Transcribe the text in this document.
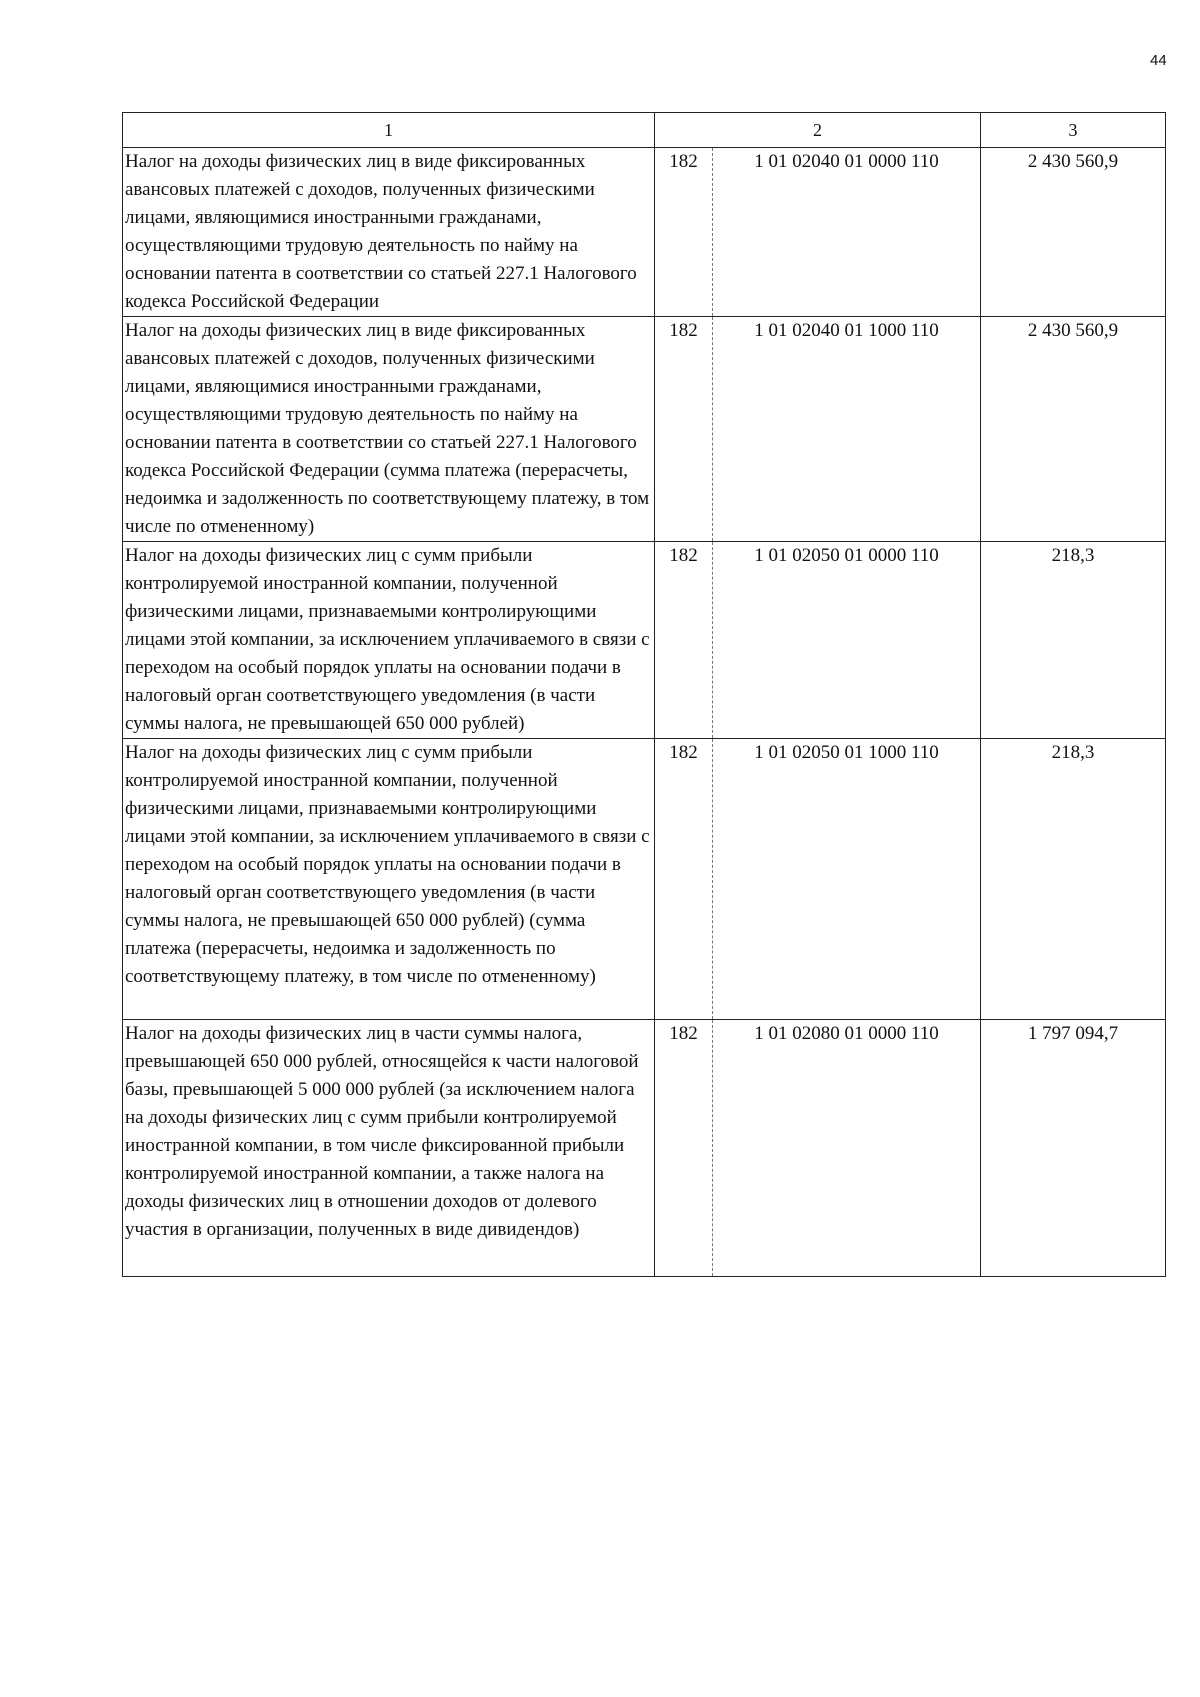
44
1	2		3
Налог на доходы физических лиц в виде фиксированных авансовых платежей с доходов, полученных физическими лицами, являющимися иностранными гражданами, осуществляющими трудовую деятельность по найму на основании патента в соответствии со статьей 227.1 Налогового кодекса Российской Федерации	182	1 01 02040 01 0000 110	2 430 560,9
Налог на доходы физических лиц в виде фиксированных авансовых платежей с доходов, полученных физическими лицами, являющимися иностранными гражданами, осуществляющими трудовую деятельность по найму на основании патента в соответствии со статьей 227.1 Налогового кодекса Российской Федерации (сумма платежа (перерасчеты, недоимка и задолженность по соответствующему платежу, в том числе по отмененному)	182	1 01 02040 01 1000 110	2 430 560,9
Налог на доходы физических лиц с сумм прибыли контролируемой иностранной компании, полученной физическими лицами, признаваемыми контролирующими лицами этой компании, за исключением уплачиваемого в связи с переходом на особый порядок уплаты на основании подачи в налоговый орган соответствующего уведомления (в части суммы налога, не превышающей 650 000 рублей)	182	1 01 02050 01 0000 110	218,3
Налог на доходы физических лиц с сумм прибыли контролируемой иностранной компании, полученной физическими лицами, признаваемыми контролирующими лицами этой компании, за исключением уплачиваемого в связи с переходом на особый порядок уплаты на основании подачи в налоговый орган соответствующего уведомления (в части суммы налога, не превышающей 650 000 рублей) (сумма платежа (перерасчеты, недоимка и задолженность по соответствующему платежу, в том числе по отмененному)	182	1 01 02050 01 1000 110	218,3
Налог на доходы физических лиц в части суммы налога, превышающей 650 000 рублей, относящейся к части налоговой базы, превышающей 5 000 000 рублей (за исключением налога на доходы физических лиц с сумм прибыли контролируемой иностранной компании, в том числе фиксированной прибыли контролируемой иностранной компании, а также налога на доходы физических лиц в отношении доходов от долевого участия в организации, полученных в виде дивидендов)	182	1 01 02080 01 0000 110	1 797 094,7
